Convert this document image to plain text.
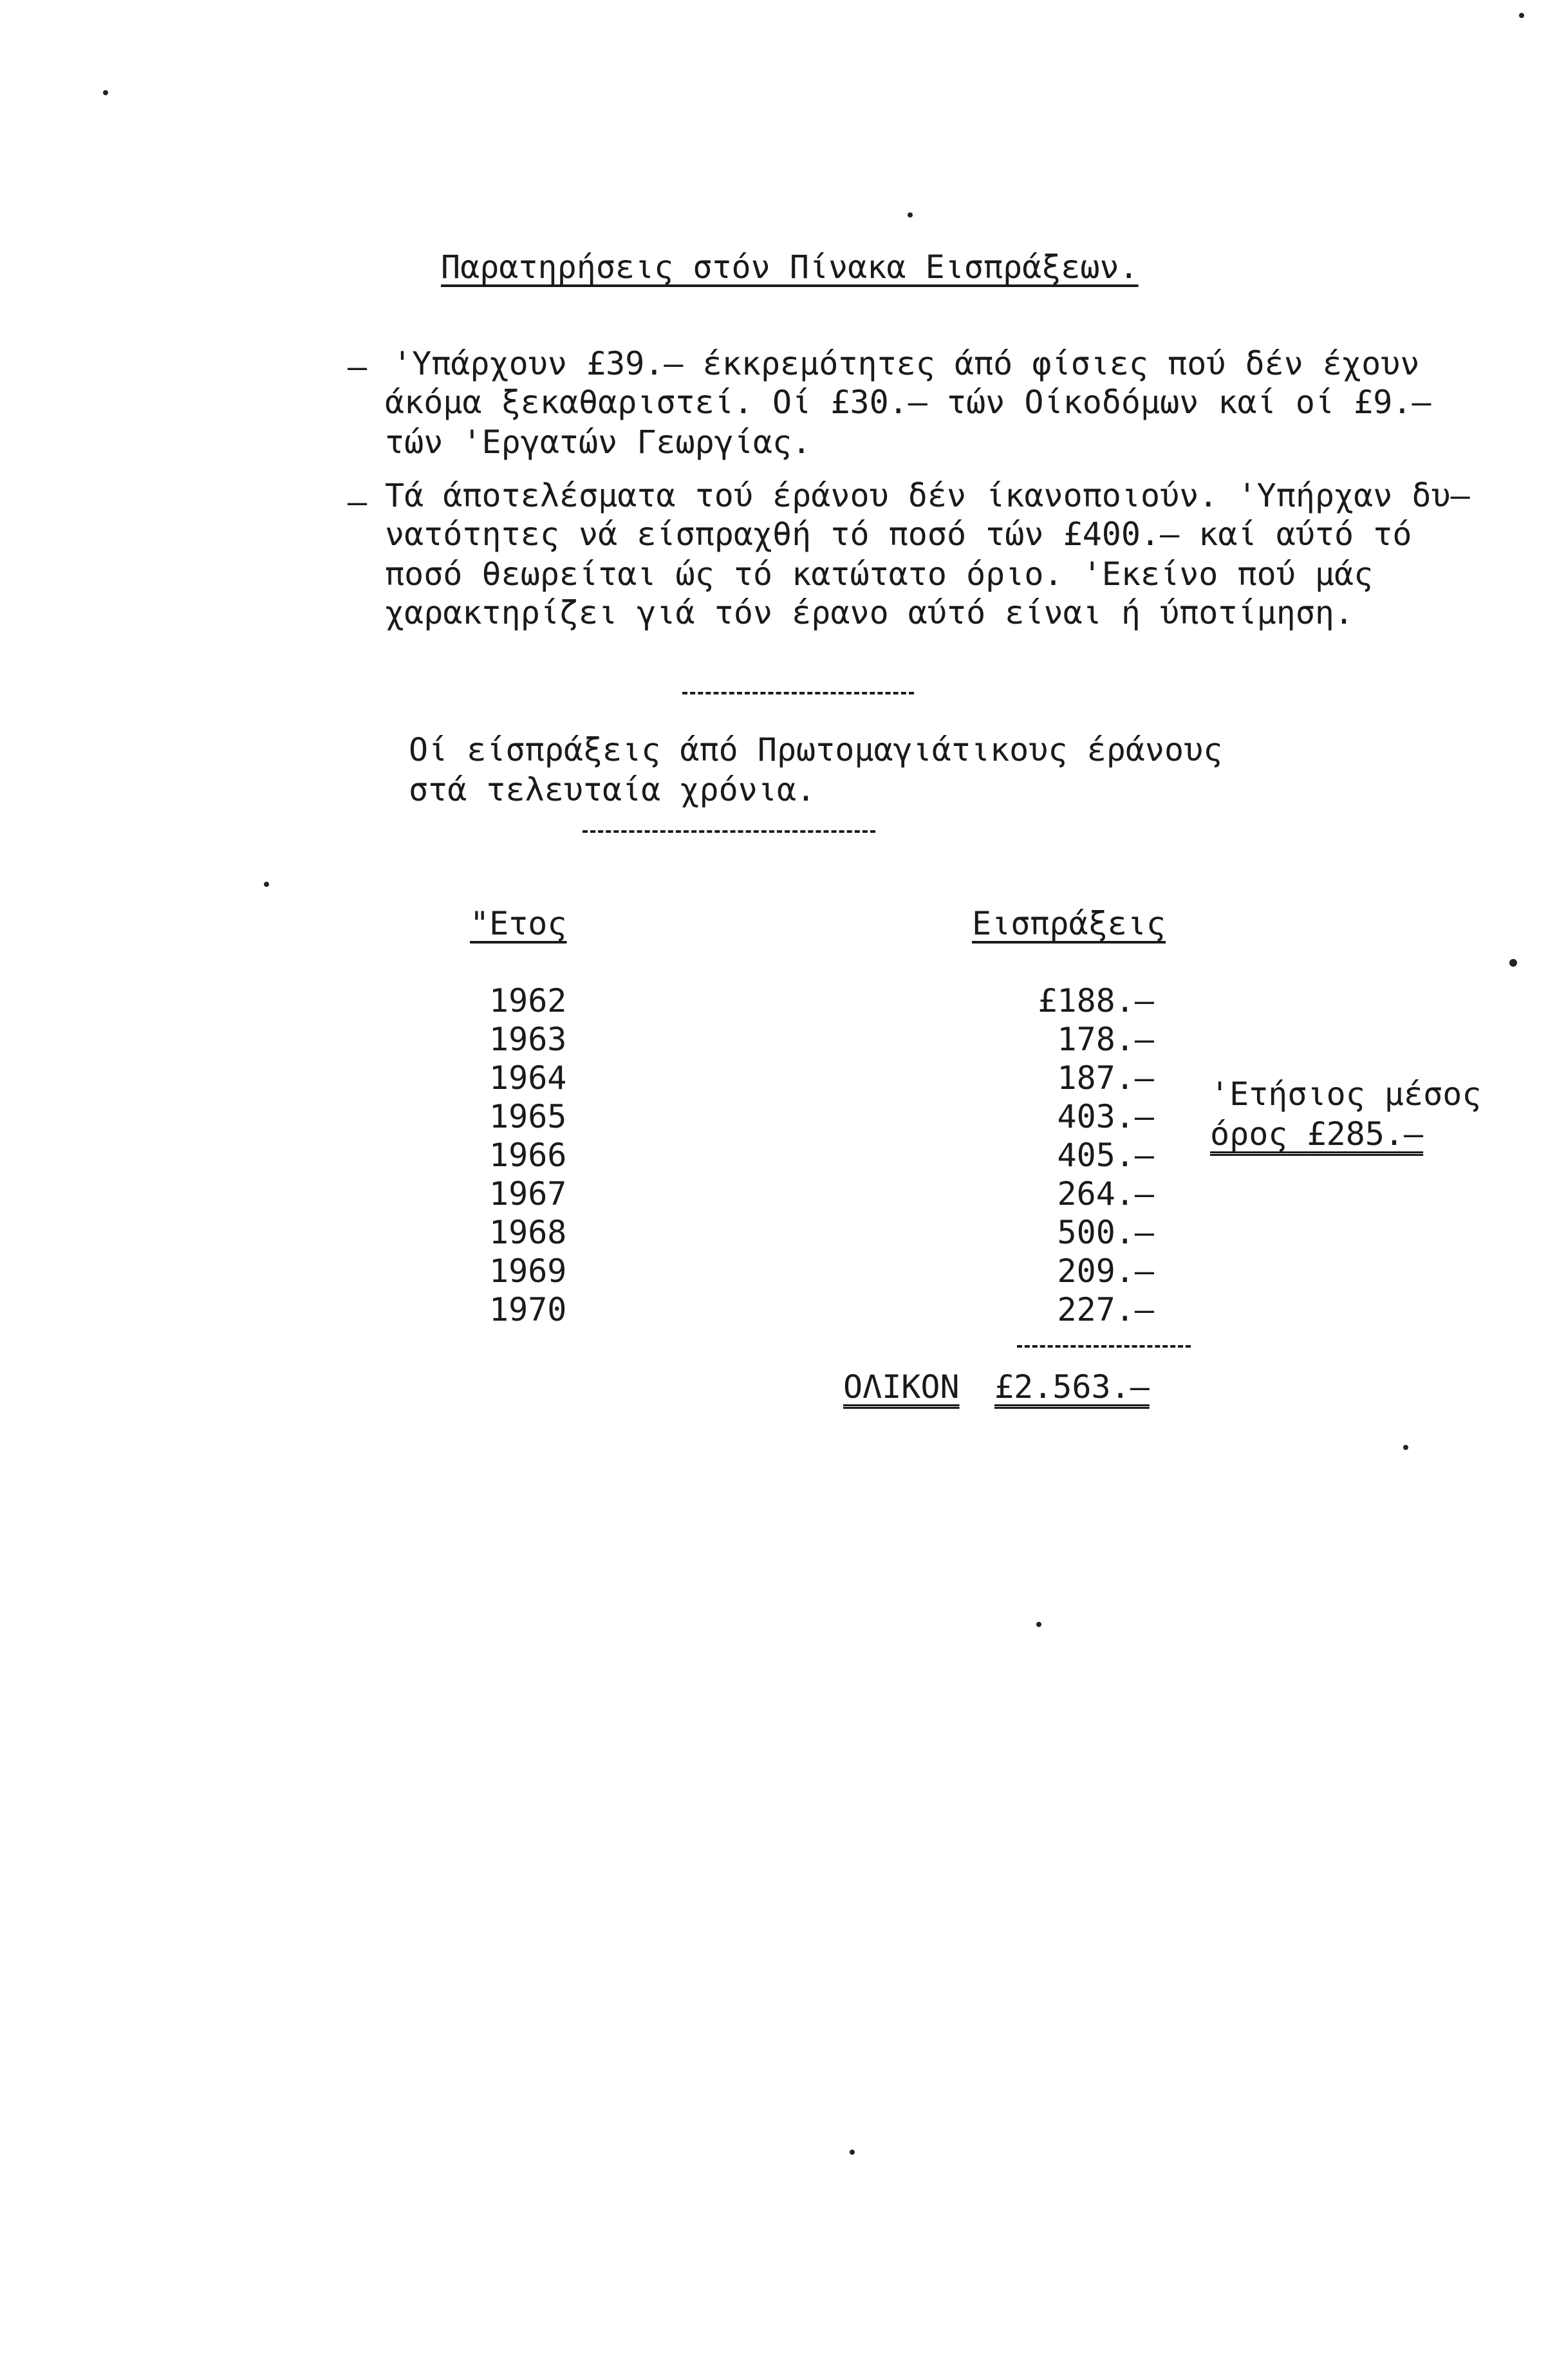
Παρατηρήσεις στόν Πίνακα Εισπράξεων.
– 'Υπάρχουν £39.– έκκρεμότητες άπό φίσιες πού δέν έχουν
άκόμα ξεκαθαριστεί. Οί £30.– τών Οίκοδόμων καί οί £9.–
τών 'Εργατών Γεωργίας.
– Τά άποτελέσματα τού έράνου δέν ίκανοποιούν. 'Υπήρχαν δυ–
νατότητες νά είσπραχθή τό ποσό τών £400.– καί αύτό τό
ποσό θεωρείται ώς τό κατώτατο όριο. 'Εκείνο πού μάς
χαρακτηρίζει γιά τόν έρανο αύτό είναι ή ύποτίμηση.
Οί είσπράξεις άπό Πρωτομαγιάτικους έράνους
στά τελευταία χρόνια.
"Ετος	Εισπράξεις
1962
1963
1964
1965
1966
1967
1968
1969
1970
£188.–
178.–
187.–
403.–
405.–
264.–
500.–
209.–
227.–
'Ετήσιος μέσος
όρος £285.–
ΟΛΙΚΟΝ £2.563.–
